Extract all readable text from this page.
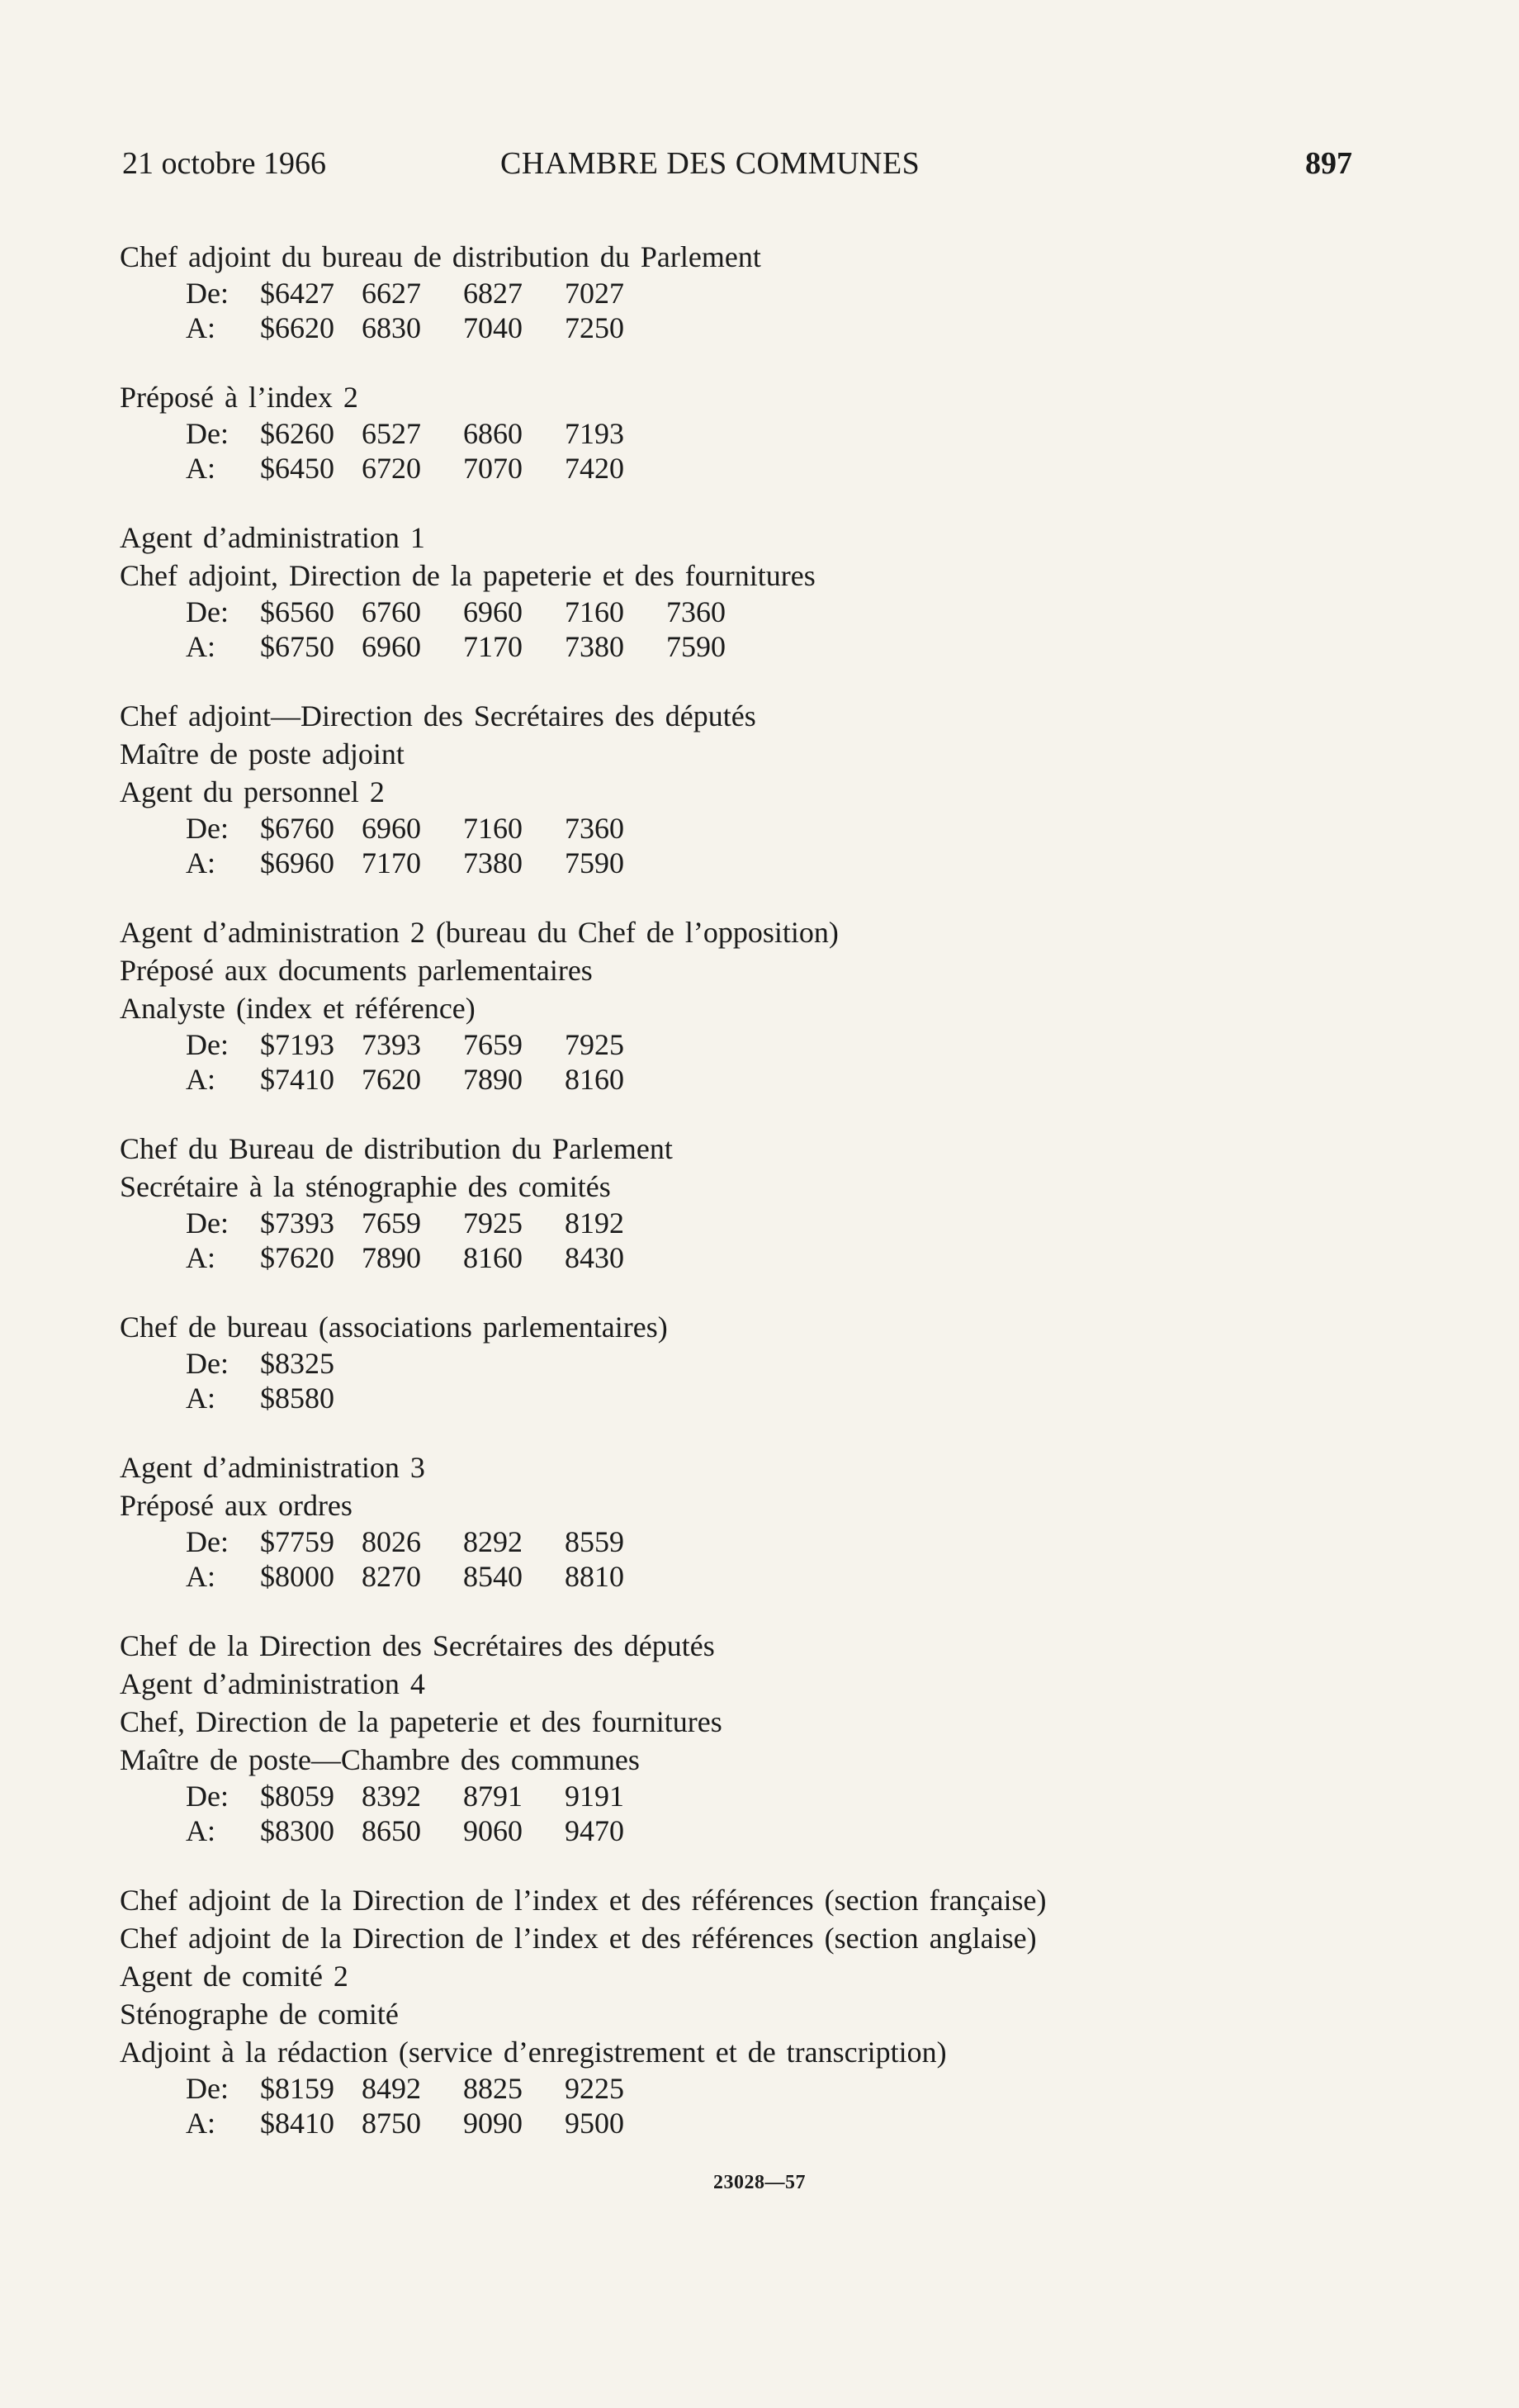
21 octobre 1966	CHAMBRE DES COMMUNES	897
Chef adjoint du bureau de distribution du Parlement
De:	$6427 6627	6827	7027
A:	$6620 6830	7040	7250
Préposé à l’index 2
De:	$6260 6527	6860	7193
A:	$6450 6720	7070	7420
Agent d’administration 1
Chef adjoint, Direction de la papeterie et des fournitures
De:	$6560 6760	6960	7160	7360
A:	$6750 6960	7170	7380	7590
Chef adjoint—Direction des Secrétaires des députés
Maître de poste adjoint
Agent du personnel 2
De:	$6760 6960	7160	7360
A:	$6960 7170	7380	7590
Agent d’administration 2 (bureau du Chef de l’opposition)
Préposé aux documents parlementaires
Analyste (index et référence)
De:	$7193 7393	7659	7925
A:	$7410 7620	7890	8160
Chef du Bureau de distribution du Parlement
Secrétaire à la sténographie des comités
De:	$7393 7659	7925	8192
A:	$7620 7890	8160	8430
Chef de bureau (associations parlementaires)
De:	$8325
A:	$8580
Agent d’administration 3
Préposé aux ordres
De:	$7759 8026	8292	8559
A:	$8000 8270	8540	8810
Chef de la Direction des Secrétaires des députés
Agent d’administration 4
Chef, Direction de la papeterie et des fournitures
Maître de poste—Chambre des communes
De:	$8059 8392	8791	9191
A:	$8300 8650	9060	9470
Chef adjoint de la Direction de l’index et des références (section française)
Chef adjoint de la Direction de l’index et des références (section anglaise)
Agent de comité 2
Sténographe de comité
Adjoint à la rédaction (service d’enregistrement et de transcription)
De:	$8159 8492	8825	9225
A:	$8410 8750	9090	9500
23028—57
